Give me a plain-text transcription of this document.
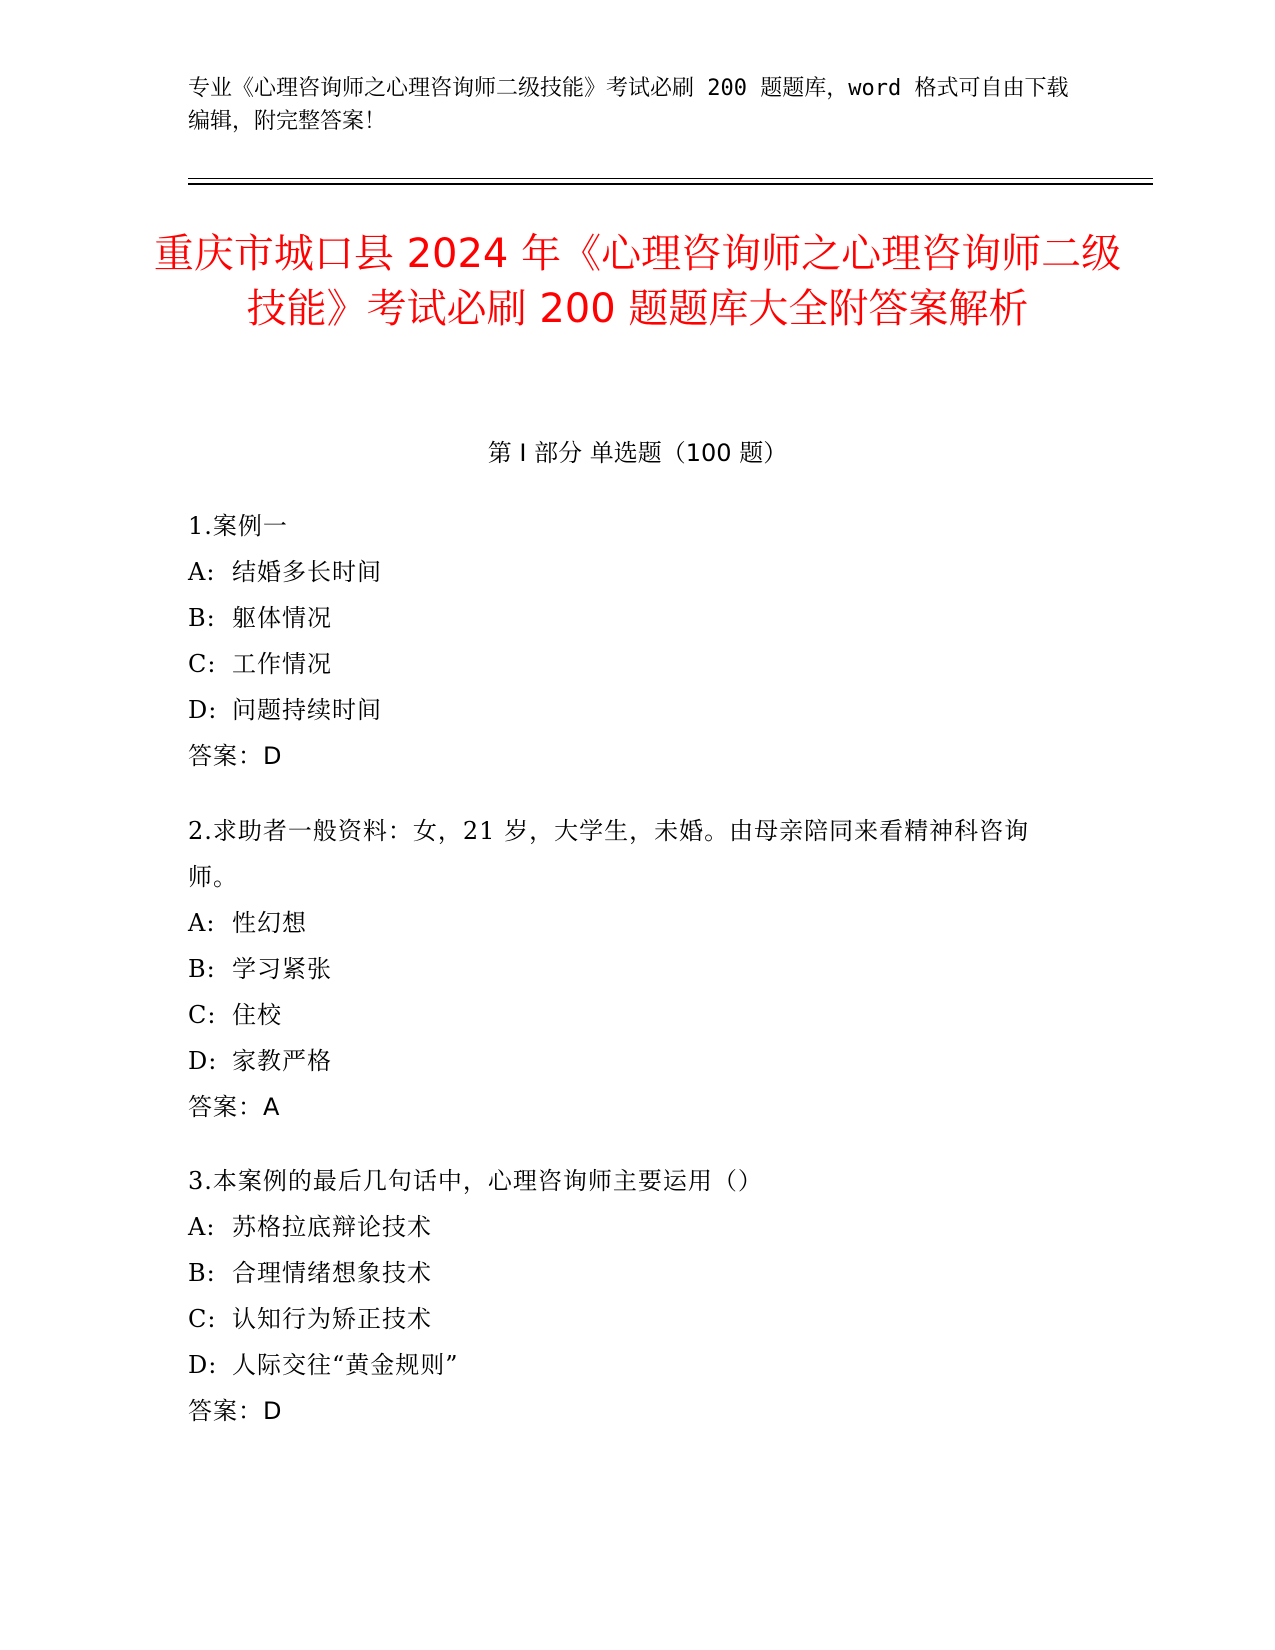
专业《心理咨询师之心理咨询师二级技能》考试必刷 200 题题库，word 格式可自由下载编辑，附完整答案！
重庆市城口县 2024 年《心理咨询师之心理咨询师二级技能》考试必刷 200 题题库大全附答案解析
第 I 部分 单选题（100 题）
1.案例一
A: 结婚多长时间
B: 躯体情况
C: 工作情况
D: 问题持续时间
答案：D
2.求助者一般资料：女，21 岁，大学生，未婚。由母亲陪同来看精神科咨询师。
A: 性幻想
B: 学习紧张
C: 住校
D: 家教严格
答案：A
3.本案例的最后几句话中，心理咨询师主要运用（）
A: 苏格拉底辩论技术
B: 合理情绪想象技术
C: 认知行为矫正技术
D: 人际交往“黄金规则”
答案：D
